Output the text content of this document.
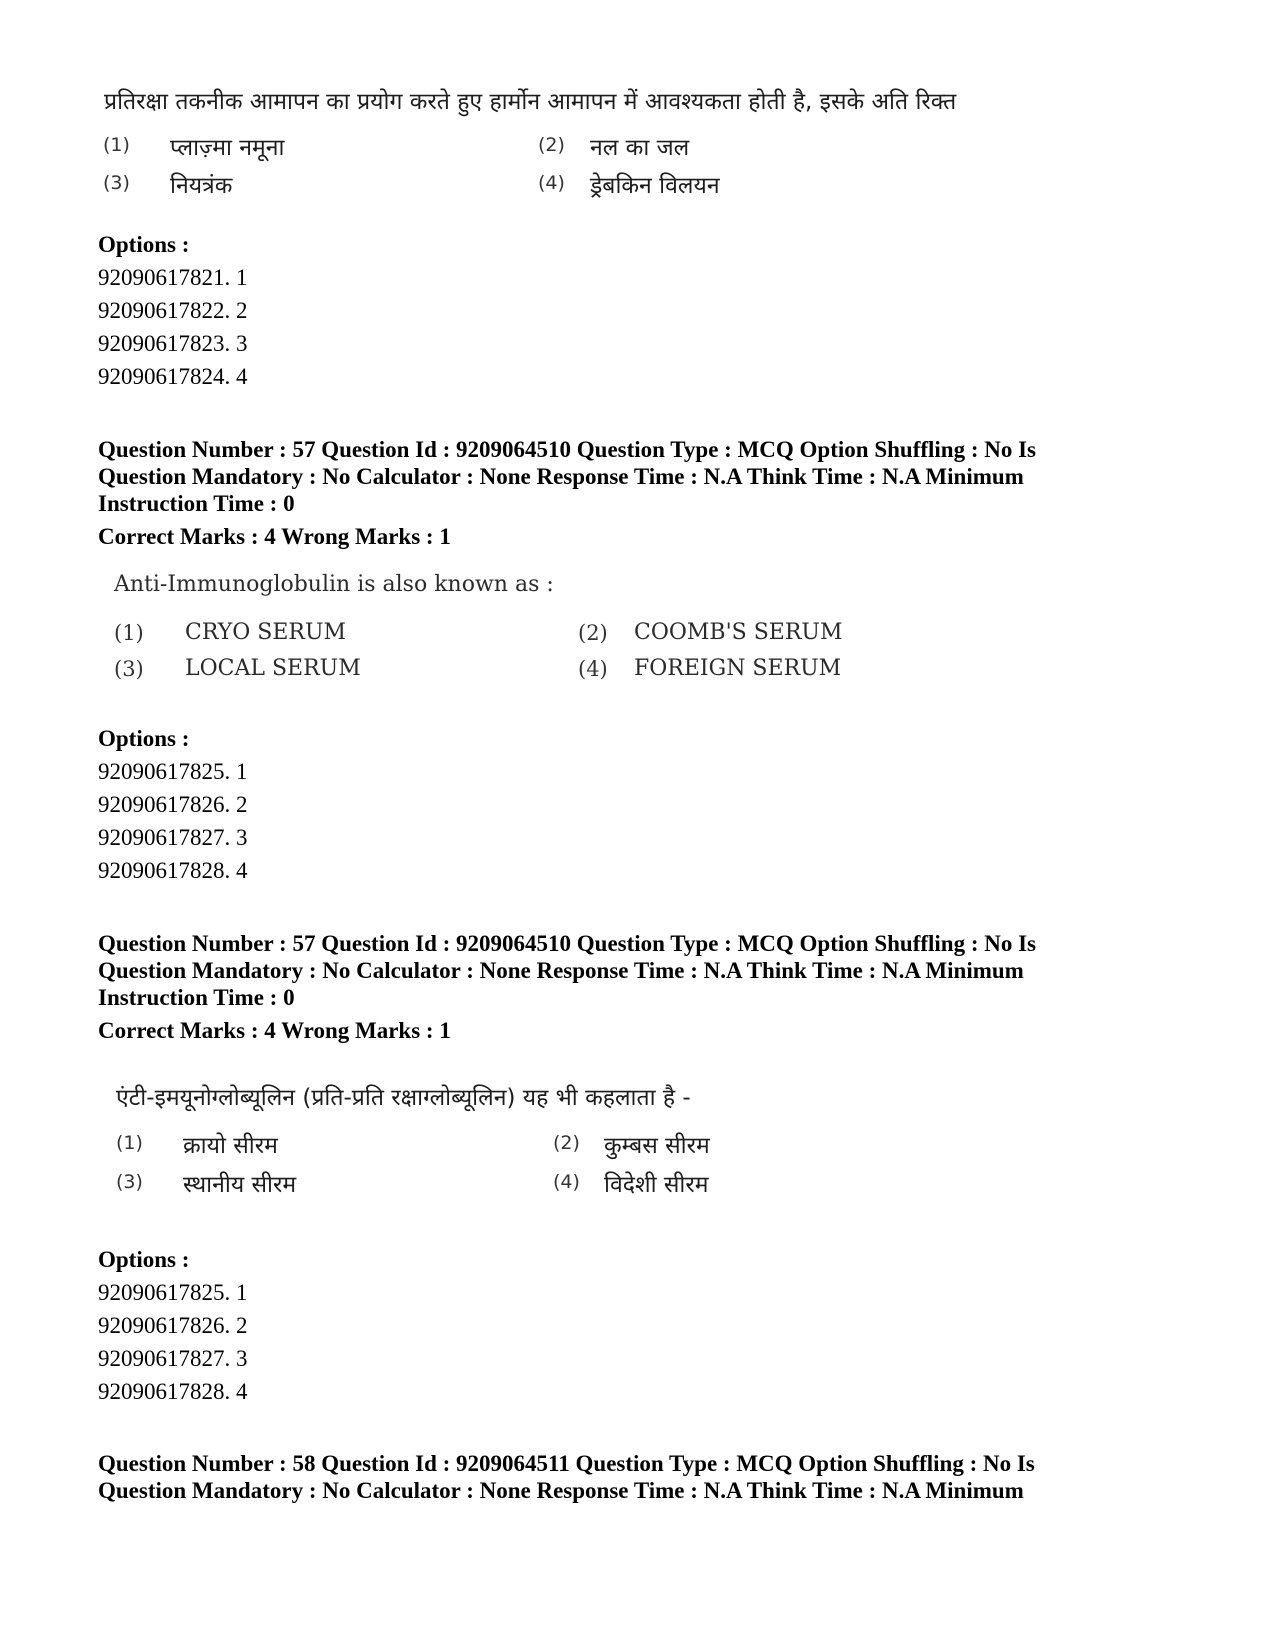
प्रतिरक्षा तकनीक आमापन का प्रयोग करते हुए हार्मोन आमापन में आवश्यकता होती है, इसके अति रिक्त
(1) प्लाज़्मा नमूना	(2) नल का जल
(3) नियत्रंक	(4) ड्रेबकिन विलयन
Options :
92090617821. 1
92090617822. 2
92090617823. 3
92090617824. 4
Question Number : 57 Question Id : 9209064510 Question Type : MCQ Option Shuffling : No Is
Question Mandatory : No Calculator : None Response Time : N.A Think Time : N.A Minimum
Instruction Time : 0
Correct Marks : 4 Wrong Marks : 1
Anti-Immunoglobulin is also known as :
(1) CRYO SERUM	(2) COOMB'S SERUM
(3) LOCAL SERUM	(4) FOREIGN SERUM
Options :
92090617825. 1
92090617826. 2
92090617827. 3
92090617828. 4
Question Number : 57 Question Id : 9209064510 Question Type : MCQ Option Shuffling : No Is
Question Mandatory : No Calculator : None Response Time : N.A Think Time : N.A Minimum
Instruction Time : 0
Correct Marks : 4 Wrong Marks : 1
एंटी-इमयूनोग्लोब्यूलिन (प्रति-प्रति रक्षाग्लोब्यूलिन) यह भी कहलाता है -
(1) क्रायो सीरम	(2) कुम्बस सीरम
(3) स्थानीय सीरम	(4) विदेशी सीरम
Options :
92090617825. 1
92090617826. 2
92090617827. 3
92090617828. 4
Question Number : 58 Question Id : 9209064511 Question Type : MCQ Option Shuffling : No Is
Question Mandatory : No Calculator : None Response Time : N.A Think Time : N.A Minimum
